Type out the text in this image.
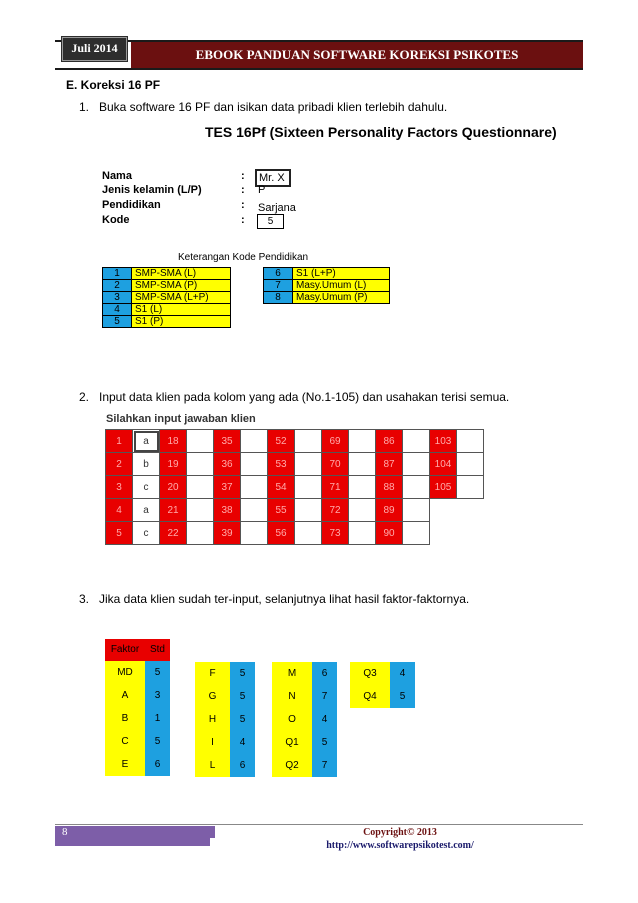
EBOOK PANDUAN SOFTWARE KOREKSI PSIKOTES
Juli 2014
E. Koreksi 16 PF
1. Buka software 16 PF dan isikan data pribadi klien terlebih dahulu.
TES 16Pf (Sixteen Personality Factors Questionnare)
Nama	:	Mr. X
Jenis kelamin (L/P)	: P
Pendidikan	: Sarjana
Kode	:	5
Keterangan Kode Pendidikan
1	SMP-SMA (L)
2	SMP-SMA (P)
3	SMP-SMA (L+P)
4	S1 (L)
5	S1 (P)
6	S1 (L+P)
7	Masy.Umum (L)
8	Masy.Umum (P)
2. Input data klien pada kolom yang ada (No.1-105) dan usahakan terisi semua.
Silahkan input jawaban klien
1	a	18		35		52		69		86		103	
2	b	19		36		53		70		87		104	
3	c	20		37		54		71		88		105	
4	a	21		38		55		72		89			
5	c	22		39		56		73		90			
3. Jika data klien sudah ter-input, selanjutnya lihat hasil faktor-faktornya.
Faktor	Std
MD	5
A	3
B	1
C	5
E	6
F	5
G	5
H	5
I	4
L	6
M	6
N	7
O	4
Q1	5
Q2	7
Q3	4
Q4	5
8	Copyright© 2013
http://www.softwarepsikotest.com/
